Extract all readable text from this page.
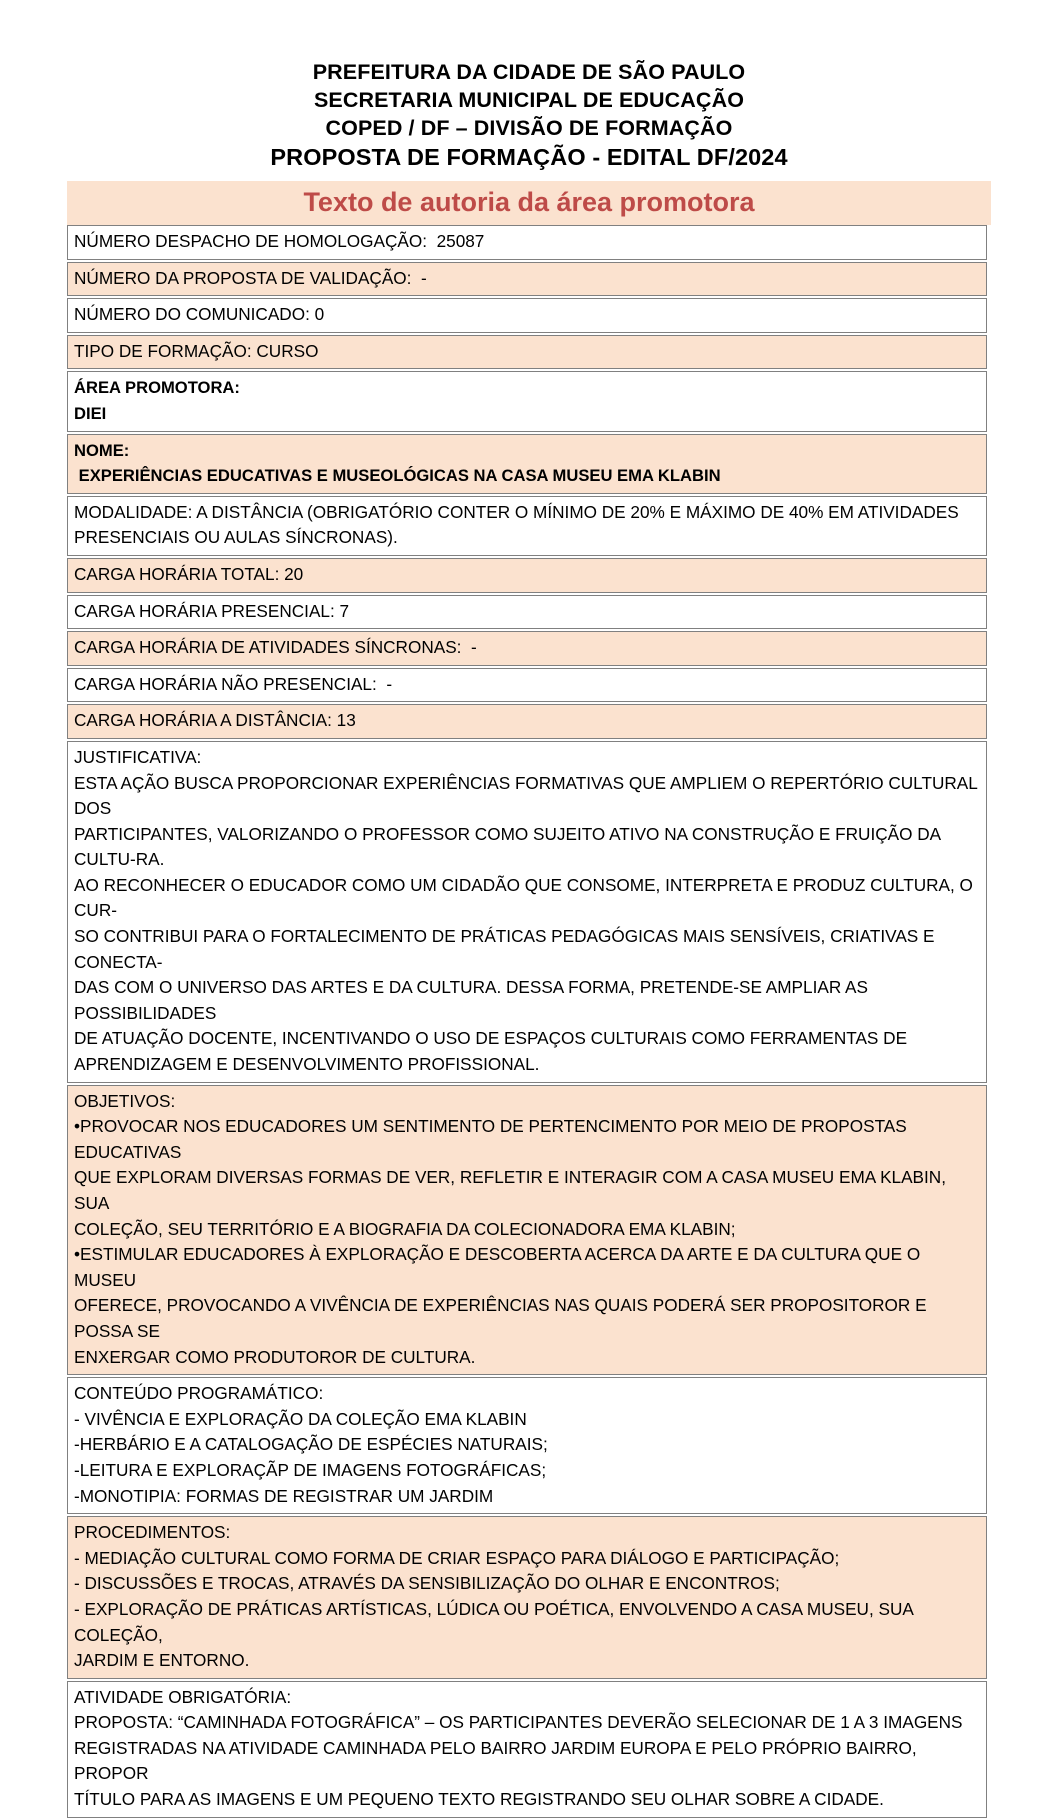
PREFEITURA DA CIDADE DE SÃO PAULO
SECRETARIA MUNICIPAL DE EDUCAÇÃO
COPED / DF – DIVISÃO DE FORMAÇÃO
PROPOSTA DE FORMAÇÃO - EDITAL DF/2024
Texto de autoria da área promotora

NÚMERO DESPACHO DE HOMOLOGAÇÃO:  25087

NÚMERO DA PROPOSTA DE VALIDAÇÃO:  -

NÚMERO DO COMUNICADO: 0

TIPO DE FORMAÇÃO: CURSO

ÁREA PROMOTORA:

DIEI

NOME:

EXPERIÊNCIAS EDUCATIVAS E MUSEOLÓGICAS NA CASA MUSEU EMA KLABIN

MODALIDADE: A DISTÂNCIA (OBRIGATÓRIO CONTER O MÍNIMO DE 20% E MÁXIMO DE 40% EM ATIVIDADES

PRESENCIAIS OU AULAS SÍNCRONAS).

CARGA HORÁRIA TOTAL: 20

CARGA HORÁRIA PRESENCIAL: 7

CARGA HORÁRIA DE ATIVIDADES SÍNCRONAS:  -

CARGA HORÁRIA NÃO PRESENCIAL:  -

CARGA HORÁRIA A DISTÂNCIA: 13

JUSTIFICATIVA:

ESTA AÇÃO BUSCA PROPORCIONAR EXPERIÊNCIAS FORMATIVAS QUE AMPLIEM O REPERTÓRIO CULTURAL DOS

PARTICIPANTES, VALORIZANDO O PROFESSOR COMO SUJEITO ATIVO NA CONSTRUÇÃO E FRUIÇÃO DA CULTU-RA.

AO RECONHECER O EDUCADOR COMO UM CIDADÃO QUE CONSOME, INTERPRETA E PRODUZ CULTURA, O CUR-

SO CONTRIBUI PARA O FORTALECIMENTO DE PRÁTICAS PEDAGÓGICAS MAIS SENSÍVEIS, CRIATIVAS E CONECTA-

DAS COM O UNIVERSO DAS ARTES E DA CULTURA. DESSA FORMA, PRETENDE-SE AMPLIAR AS POSSIBILIDADES

DE ATUAÇÃO DOCENTE, INCENTIVANDO O USO DE ESPAÇOS CULTURAIS COMO FERRAMENTAS DE

APRENDIZAGEM E DESENVOLVIMENTO PROFISSIONAL.

OBJETIVOS:

•PROVOCAR NOS EDUCADORES UM SENTIMENTO DE PERTENCIMENTO POR MEIO DE PROPOSTAS EDUCATIVAS

QUE EXPLORAM DIVERSAS FORMAS DE VER, REFLETIR E INTERAGIR COM A CASA MUSEU EMA KLABIN, SUA

COLEÇÃO, SEU TERRITÓRIO E A BIOGRAFIA DA COLECIONADORA EMA KLABIN;

•ESTIMULAR EDUCADORES À EXPLORAÇÃO E DESCOBERTA ACERCA DA ARTE E DA CULTURA QUE O MUSEU

OFERECE, PROVOCANDO A VIVÊNCIA DE EXPERIÊNCIAS NAS QUAIS PODERÁ SER PROPOSITOROR E POSSA SE

ENXERGAR COMO PRODUTOROR DE CULTURA.

CONTEÚDO PROGRAMÁTICO:

- VIVÊNCIA E EXPLORAÇÃO DA COLEÇÃO EMA KLABIN

-HERBÁRIO E A CATALOGAÇÃO DE ESPÉCIES NATURAIS;

-LEITURA E EXPLORAÇÃP DE IMAGENS FOTOGRÁFICAS;

-MONOTIPIA: FORMAS DE REGISTRAR UM JARDIM

PROCEDIMENTOS:

- MEDIAÇÃO CULTURAL COMO FORMA DE CRIAR ESPAÇO PARA DIÁLOGO E PARTICIPAÇÃO;

- DISCUSSÕES E TROCAS, ATRAVÉS DA SENSIBILIZAÇÃO DO OLHAR E ENCONTROS;

- EXPLORAÇÃO DE PRÁTICAS ARTÍSTICAS, LÚDICA OU POÉTICA, ENVOLVENDO A CASA MUSEU, SUA COLEÇÃO,

JARDIM E ENTORNO.

ATIVIDADE OBRIGATÓRIA:

PROPOSTA: “CAMINHADA FOTOGRÁFICA” – OS PARTICIPANTES DEVERÃO SELECIONAR DE 1 A 3 IMAGENS

REGISTRADAS NA ATIVIDADE CAMINHADA PELO BAIRRO JARDIM EUROPA E PELO PRÓPRIO BAIRRO, PROPOR

TÍTULO PARA AS IMAGENS E UM PEQUENO TEXTO REGISTRANDO SEU OLHAR SOBRE A CIDADE.
